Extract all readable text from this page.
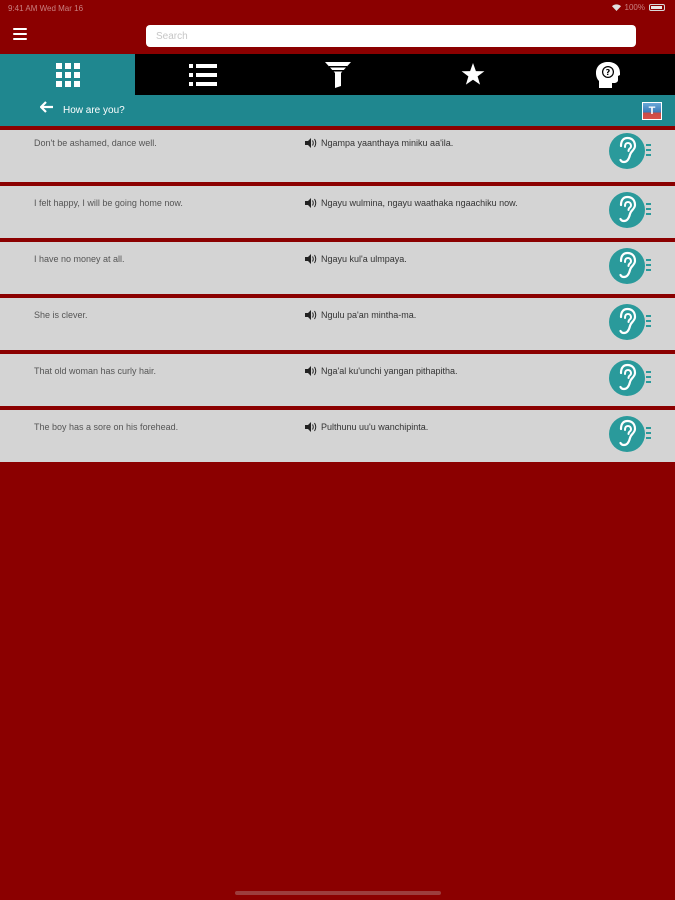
9:41 AM Wed Mar 16	100%
Search
?
How are you?	T
Don't be ashamed, dance well.	Ngampa yaanthaya miniku aa'ila.
I felt happy, I will be going home now.	Ngayu wulmina, ngayu waathaka ngaachiku now.
I have no money at all.	Ngayu kul'a ulmpaya.
She is clever.	Ngulu pa'an mintha-ma.
That old woman has curly hair.	Nga'al ku'unchi yangan pithapitha.
The boy has a sore on his forehead.	Pulthunu uu'u wanchipinta.
